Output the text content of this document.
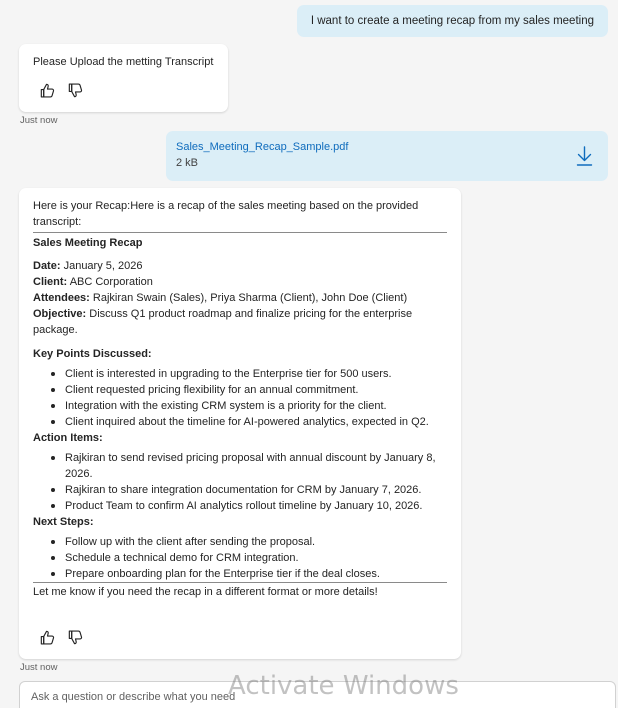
I want to create a meeting recap from my sales meeting
Please Upload the metting Transcript
Just now
Sales_Meeting_Recap_Sample.pdf
2 kB
Here is your Recap:Here is a recap of the sales meeting based on the provided transcript:
Sales Meeting Recap
Date: January 5, 2026
Client: ABC Corporation
Attendees: Rajkiran Swain (Sales), Priya Sharma (Client), John Doe (Client)
Objective: Discuss Q1 product roadmap and finalize pricing for the enterprise package.
Key Points Discussed:
Client is interested in upgrading to the Enterprise tier for 500 users.
Client requested pricing flexibility for an annual commitment.
Integration with the existing CRM system is a priority for the client.
Client inquired about the timeline for AI-powered analytics, expected in Q2.
Action Items:
Rajkiran to send revised pricing proposal with annual discount by January 8, 2026.
Rajkiran to share integration documentation for CRM by January 7, 2026.
Product Team to confirm AI analytics rollout timeline by January 10, 2026.
Next Steps:
Follow up with the client after sending the proposal.
Schedule a technical demo for CRM integration.
Prepare onboarding plan for the Enterprise tier if the deal closes.
Let me know if you need the recap in a different format or more details!
Just now
Ask a question or describe what you need
Activate Windows
